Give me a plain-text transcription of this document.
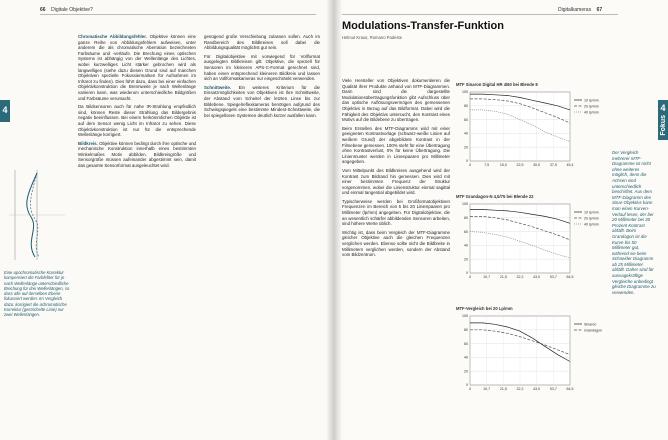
66 Digitale Objektive?
4
Eine apochromatische Korrektur kompensiert die Farbfehler für je nach Wellenlänge unterschiedliche Brechung für drei Wellenlängen, so dass alle auf derselben Ebene fokussiert werden. Im Vergleich dazu: korrigiert die achromatische Korrektur (gestrichelte Linie) nur zwei Wellenlängen.

Chromatische Abbildungsfehler. Objektive können eine ganze Reihe von Abbildungsfehlern aufweisen, unter anderem die als chromatische Aberration bezeichneten Farbsäume und -verläufe. Die Brechung eines optischen Systems ist abhängig von der Wellenlänge des Lichtes, wobei kurzwelliges Licht stärker gebrochen wird als langwelliges (siehe dazu diesen Grund sind auf manchen Objektiven spezielle Fokussiermarken für Aufnahmen im Infrarot zu finden). Dies führt dazu, dass bei einer einfachen Objektivkonstruktion die Brennweite je nach Wellenlänge variieren kann, was wiederum unterschiedliche Bildgrößen und Farbsäume verursacht.

Da Bildsensoren auch für nahe IR-Strahlung empfindlich sind, können Reste dieser Strahlung das Bildergebnis negativ beeinflussen. Bei einem herkömmlichen Objektiv ist auf dem Sensor wenig Licht im Infrarot zu sehen. Diese Objektivkonstruktion ist nur für die entsprechende Wellenlänge korrigiert.

Bildkreis. Objektive können bedingt durch ihre optische und mechanische Konstruktion innerhalb eines bestimmten Winkelmaßes Motiv abbilden. Bildkreisgröße und Sensorgröße müssen aufeinander abgestimmt sein, damit das gesamte Sensorformat ausgeleuchtet wird.

genügend große Verschiebung zulassen sollen. Auch im Randbereich des Bildkreises soll dabei die Abbildungsqualität möglichst gut sein.

Für Digitalobjektive mit vorwiegend für Vollformat ausgelegten Bildkreisen gilt: Objektive, die speziell für Sensoren im kleineren APS-C-Format gerechnet sind, haben einen entsprechend kleineren Bildkreis und lassen sich an Vollformatkameras nur eingeschränkt verwenden.

Schnittweite. Ein weiteres Kriterium für die Einsatzmöglichkeiten von Objektiven ist ihre Schnittweite, der Abstand vom Scheitel der letzten Linse bis zur Bildebene. Spiegelreflexkameras benötigen aufgrund des Schwingspiegels eine bestimmte Mindest-Schnittweite, die bei spiegellosen Systemen deutlich kürzer ausfallen kann.

Digitalkameras 67
Modulations-Transfer-Funktion
Helmut Kraus, Romano Padeste
4
Fokus

Viele Hersteller von Objektiven dokumentieren die Qualität ihrer Produkte anhand von MTF-Diagrammen. Darin sind die dargestellte Modulationsübertragungsfunktion gibt Aufschluss über das optische Auflösungsvermögen des gemessenen Objektivs in Bezug auf das Bildformat. Dabei wird die Fähigkeit des Objektivs untersucht, den Kontrast eines Motivs auf die Bildebene zu übertragen.

Beim Erstellen des MTF-Diagramms wird mit einer geeigneten Kontrastvorlage (schwarz-weiße Linien auf weißem Grund) der abgebildete Kontrast in der Filmebene gemessen. 100% steht für eine Übertragung ohne Kontrastverlust, 0% für keine Übertragung. Die Linienmuster werden in Linienpaaren pro Millimeter angegeben.

Vom Mittelpunkt des Bildkreises ausgehend wird der Kontrast zum Bildrand hin gemessen. Dies wird mit einer bestimmten Frequenz der Struktur vorgenommen, wobei die Linienstruktur einmal sagittal und einmal tangential abgebildet wird.

Typischerweise werden bei Großformatobjektiven Frequenzen im Bereich von 5 bis 20 Linienpaaren pro Millimeter (lp/mm) angegeben. Für Digitalobjektive, die an wesentlich schärfer abbildenden Sensoren arbeiten, sind höhere Werte üblich.

Wichtig ist, dass beim Vergleich der MTF-Diagramme gleicher Objektive auch die gleichen Frequenzen verglichen werden. Ebenso sollte nicht die Bildbreite in Millimetern verglichen werden, sondern der Abstand vom Bildzentrum.

MTF Sinaron Digital HR 4/60 bei Blende 8
100
80
60
40
20
0
0	7,5	15,0	22,5	30,0	37,5	45,4
10 lp/mm
20 lp/mm
40 lp/mm
MTF Grandagon-N 4,5/75 bei Blende 22
100
80
60
40
20
0
0	10,7	21,5	32,2	43,0	53,7	64,5
10 lp/mm
20 lp/mm
40 lp/mm
MTF-Vergleich bei 20 Lp/mm
100
80
60
40
20
0
0	10,7	21,5	32,2	43,0	53,7	64,5
Sinaron
Grandagon
Der Vergleich mehrerer MTF-Diagramme ist nicht ohne weiteres möglich, denn die Achsen sind unterschiedlich beschriftet. Aus dem MTF-Diagramm des Sinar-Objektivs kann man einen Kurven-Verlauf lesen, der bei 20 Millimeter bei 30 Prozent Kontrast abfällt. Beim Grandagon ist die Kurve bis 50 Millimeter gut, während sie beim Schneider Diagramm ab 25 Millimeter abfällt. Daher sind für aussagekräftige Vergleiche unbedingt gleiche Diagramme zu verwenden.
